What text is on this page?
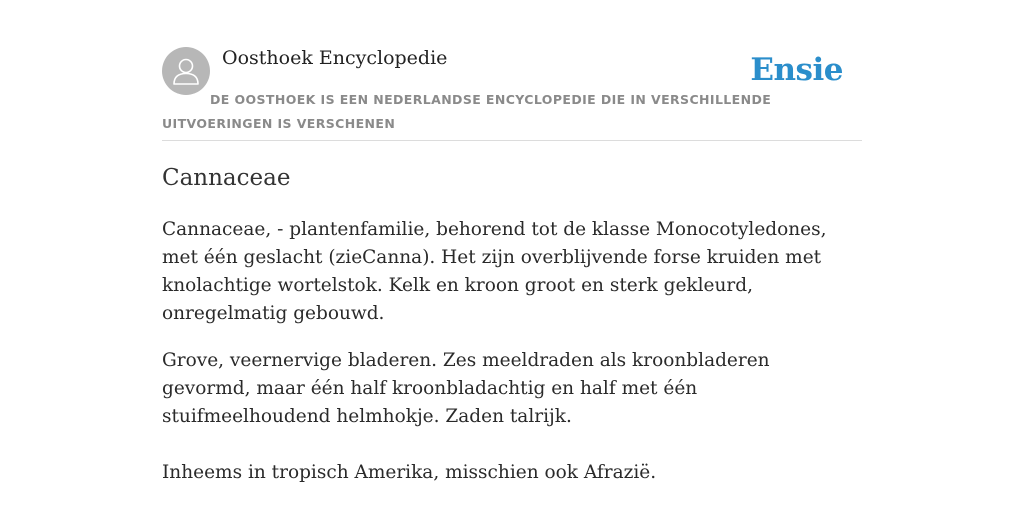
Oosthoek Encyclopedie	Ensie
DE OOSTHOEK IS EEN NEDERLANDSE ENCYCLOPEDIE DIE IN VERSCHILLENDE UITVOERINGEN IS VERSCHENEN
Cannaceae

Cannaceae, - plantenfamilie, behorend tot de klasse Monocotyledones, met één geslacht (zieCanna). Het zijn overblijvende forse kruiden met knolachtige wortelstok. Kelk en kroon groot en sterk gekleurd, onregelmatig gebouwd.

Grove, veernervige bladeren. Zes meeldraden als kroonbladeren gevormd, maar één half kroonbladachtig en half met één stuifmeelhoudend helmhokje. Zaden talrijk.

Inheems in tropisch Amerika, misschien ook Afrazië.
